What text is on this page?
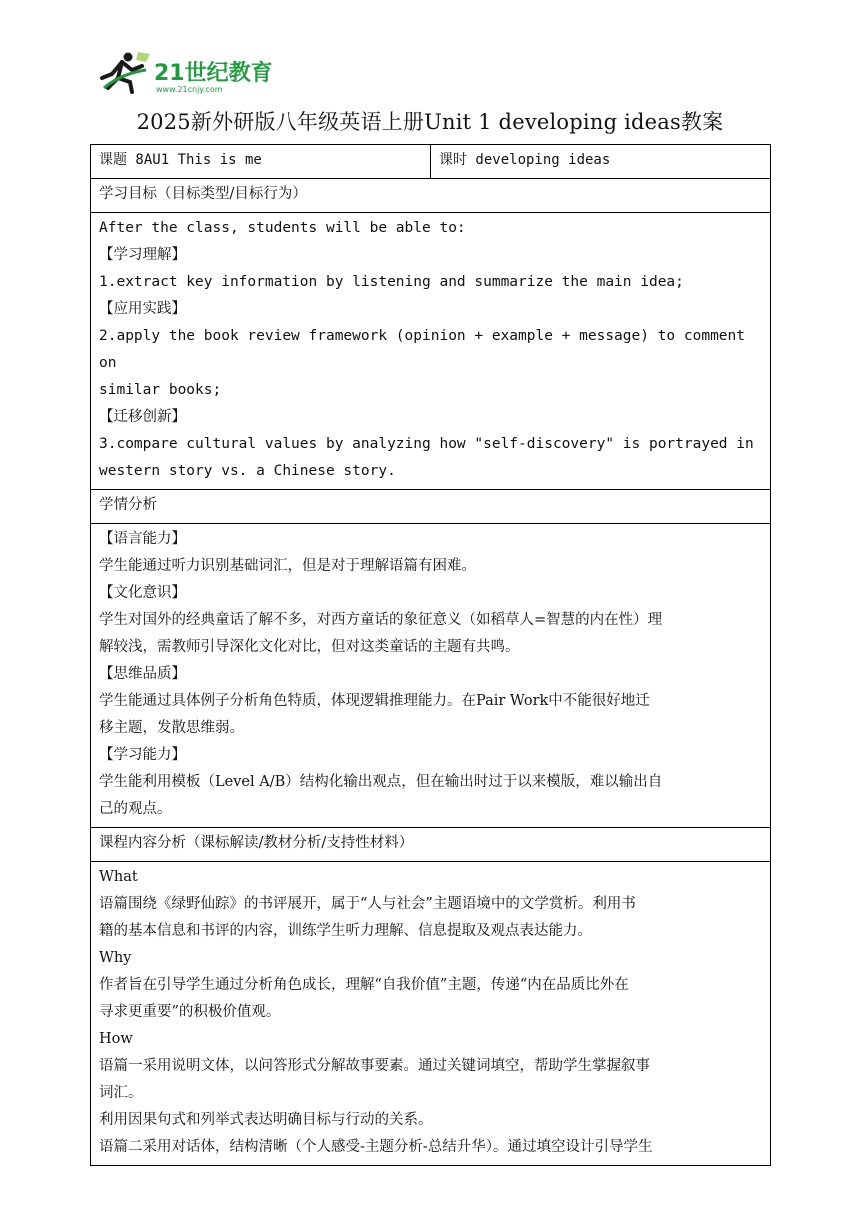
21世纪教育
www.21cnjy.com
2025新外研版八年级英语上册Unit 1 developing ideas教案
课题 8AU1 This is me	课时 developing ideas
学习目标（目标类型/目标行为）

After the class, students will be able to:
【学习理解】
1.extract key information by listening and summarize the main idea;
【应用实践】
2.apply the book review framework (opinion + example + message) to comment on
similar books;
【迁移创新】
3.compare cultural values by analyzing how "self-discovery" is portrayed in
western story vs. a Chinese story.

学情分析

【语言能力】
学生能通过听力识别基础词汇，但是对于理解语篇有困难。
【文化意识】
学生对国外的经典童话了解不多，对西方童话的象征意义（如稻草人=智慧的内在性）理
解较浅，需教师引导深化文化对比，但对这类童话的主题有共鸣。
【思维品质】
学生能通过具体例子分析角色特质，体现逻辑推理能力。在Pair Work中不能很好地迁
移主题，发散思维弱。
【学习能力】
学生能利用模板（Level A/B）结构化输出观点，但在输出时过于以来模版，难以输出自
己的观点。

课程内容分析（课标解读/教材分析/支持性材料）

What
语篇围绕《绿野仙踪》的书评展开，属于“人与社会”主题语境中的文学赏析。利用书
籍的基本信息和书评的内容，训练学生听力理解、信息提取及观点表达能力。
Why
作者旨在引导学生通过分析角色成长，理解“自我价值”主题，传递“内在品质比外在
寻求更重要”的积极价值观。
How
语篇一采用说明文体，以问答形式分解故事要素。通过关键词填空，帮助学生掌握叙事
词汇。
利用因果句式和列举式表达明确目标与行动的关系。
语篇二采用对话体，结构清晰（个人感受-主题分析-总结升华）。通过填空设计引导学生
